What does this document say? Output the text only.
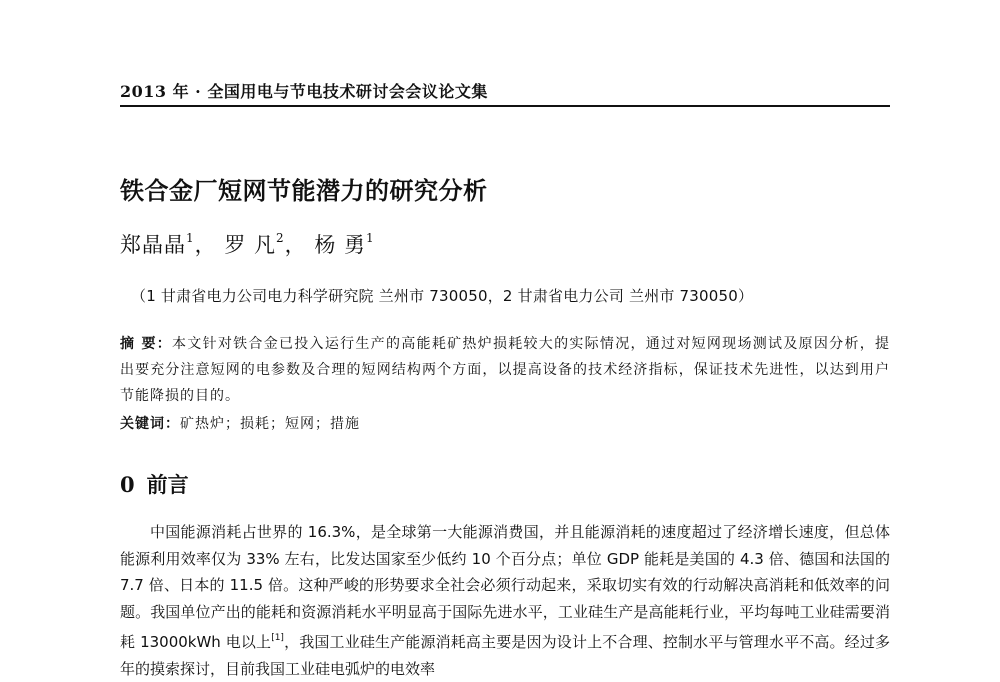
2013 年 · 全国用电与节电技术研讨会会议论文集
铁合金厂短网节能潜力的研究分析
郑晶晶$^1$， 罗 凡$^2$， 杨 勇$^1$
（1 甘肃省电力公司电力科学研究院 兰州市 730050，2 甘肃省电力公司 兰州市 730050）
摘 要：本文针对铁合金已投入运行生产的高能耗矿热炉损耗较大的实际情况，通过对短网现场测试及原因分析，提出要充分注意短网的电参数及合理的短网结构两个方面，以提高设备的技术经济指标，保证技术先进性，以达到用户节能降损的目的。
关键词：矿热炉；损耗；短网；措施
0 前言

中国能源消耗占世界的 16.3%，是全球第一大能源消费国，并且能源消耗的速度超过了经济增长速度，但总体能源利用效率仅为 33% 左右，比发达国家至少低约 10 个百分点；单位 GDP 能耗是美国的 4.3 倍、德国和法国的 7.7 倍、日本的 11.5 倍。这种严峻的形势要求全社会必须行动起来，采取切实有效的行动解决高消耗和低效率的问题。我国单位产出的能耗和资源消耗水平明显高于国际先进水平，工业硅生产是高能耗行业，平均每吨工业硅需要消耗 13000kWh 电以上[1]，我国工业硅生产能源消耗高主要是因为设计上不合理、控制水平与管理水平不高。经过多年的摸索探讨，目前我国工业硅电弧炉的电效率
